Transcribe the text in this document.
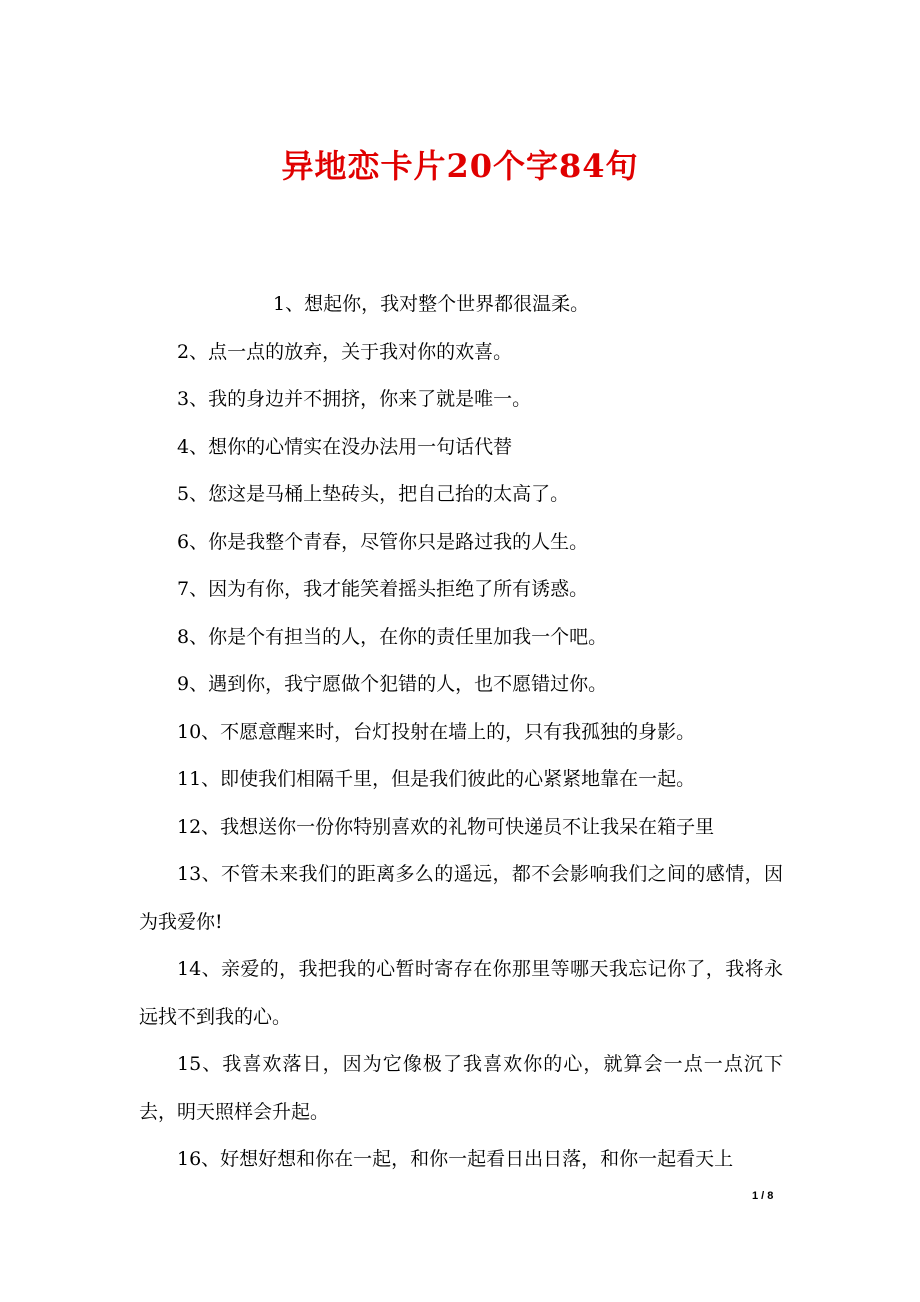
异地恋卡片20个字84句

1、想起你，我对整个世界都很温柔。

2、点一点的放弃，关于我对你的欢喜。

3、我的身边并不拥挤，你来了就是唯一。

4、想你的心情实在没办法用一句话代替

5、您这是马桶上垫砖头，把自己抬的太高了。

6、你是我整个青春，尽管你只是路过我的人生。

7、因为有你，我才能笑着摇头拒绝了所有诱惑。

8、你是个有担当的人，在你的责任里加我一个吧。

9、遇到你，我宁愿做个犯错的人，也不愿错过你。

10、不愿意醒来时，台灯投射在墙上的，只有我孤独的身影。

11、即使我们相隔千里，但是我们彼此的心紧紧地靠在一起。

12、我想送你一份你特别喜欢的礼物可快递员不让我呆在箱子里

13、不管未来我们的距离多么的遥远，都不会影响我们之间的感情，因为我爱你!

14、亲爱的，我把我的心暂时寄存在你那里等哪天我忘记你了，我将永远找不到我的心。

15、我喜欢落日，因为它像极了我喜欢你的心，就算会一点一点沉下去，明天照样会升起。

16、好想好想和你在一起，和你一起看日出日落，和你一起看天上

1 / 8
